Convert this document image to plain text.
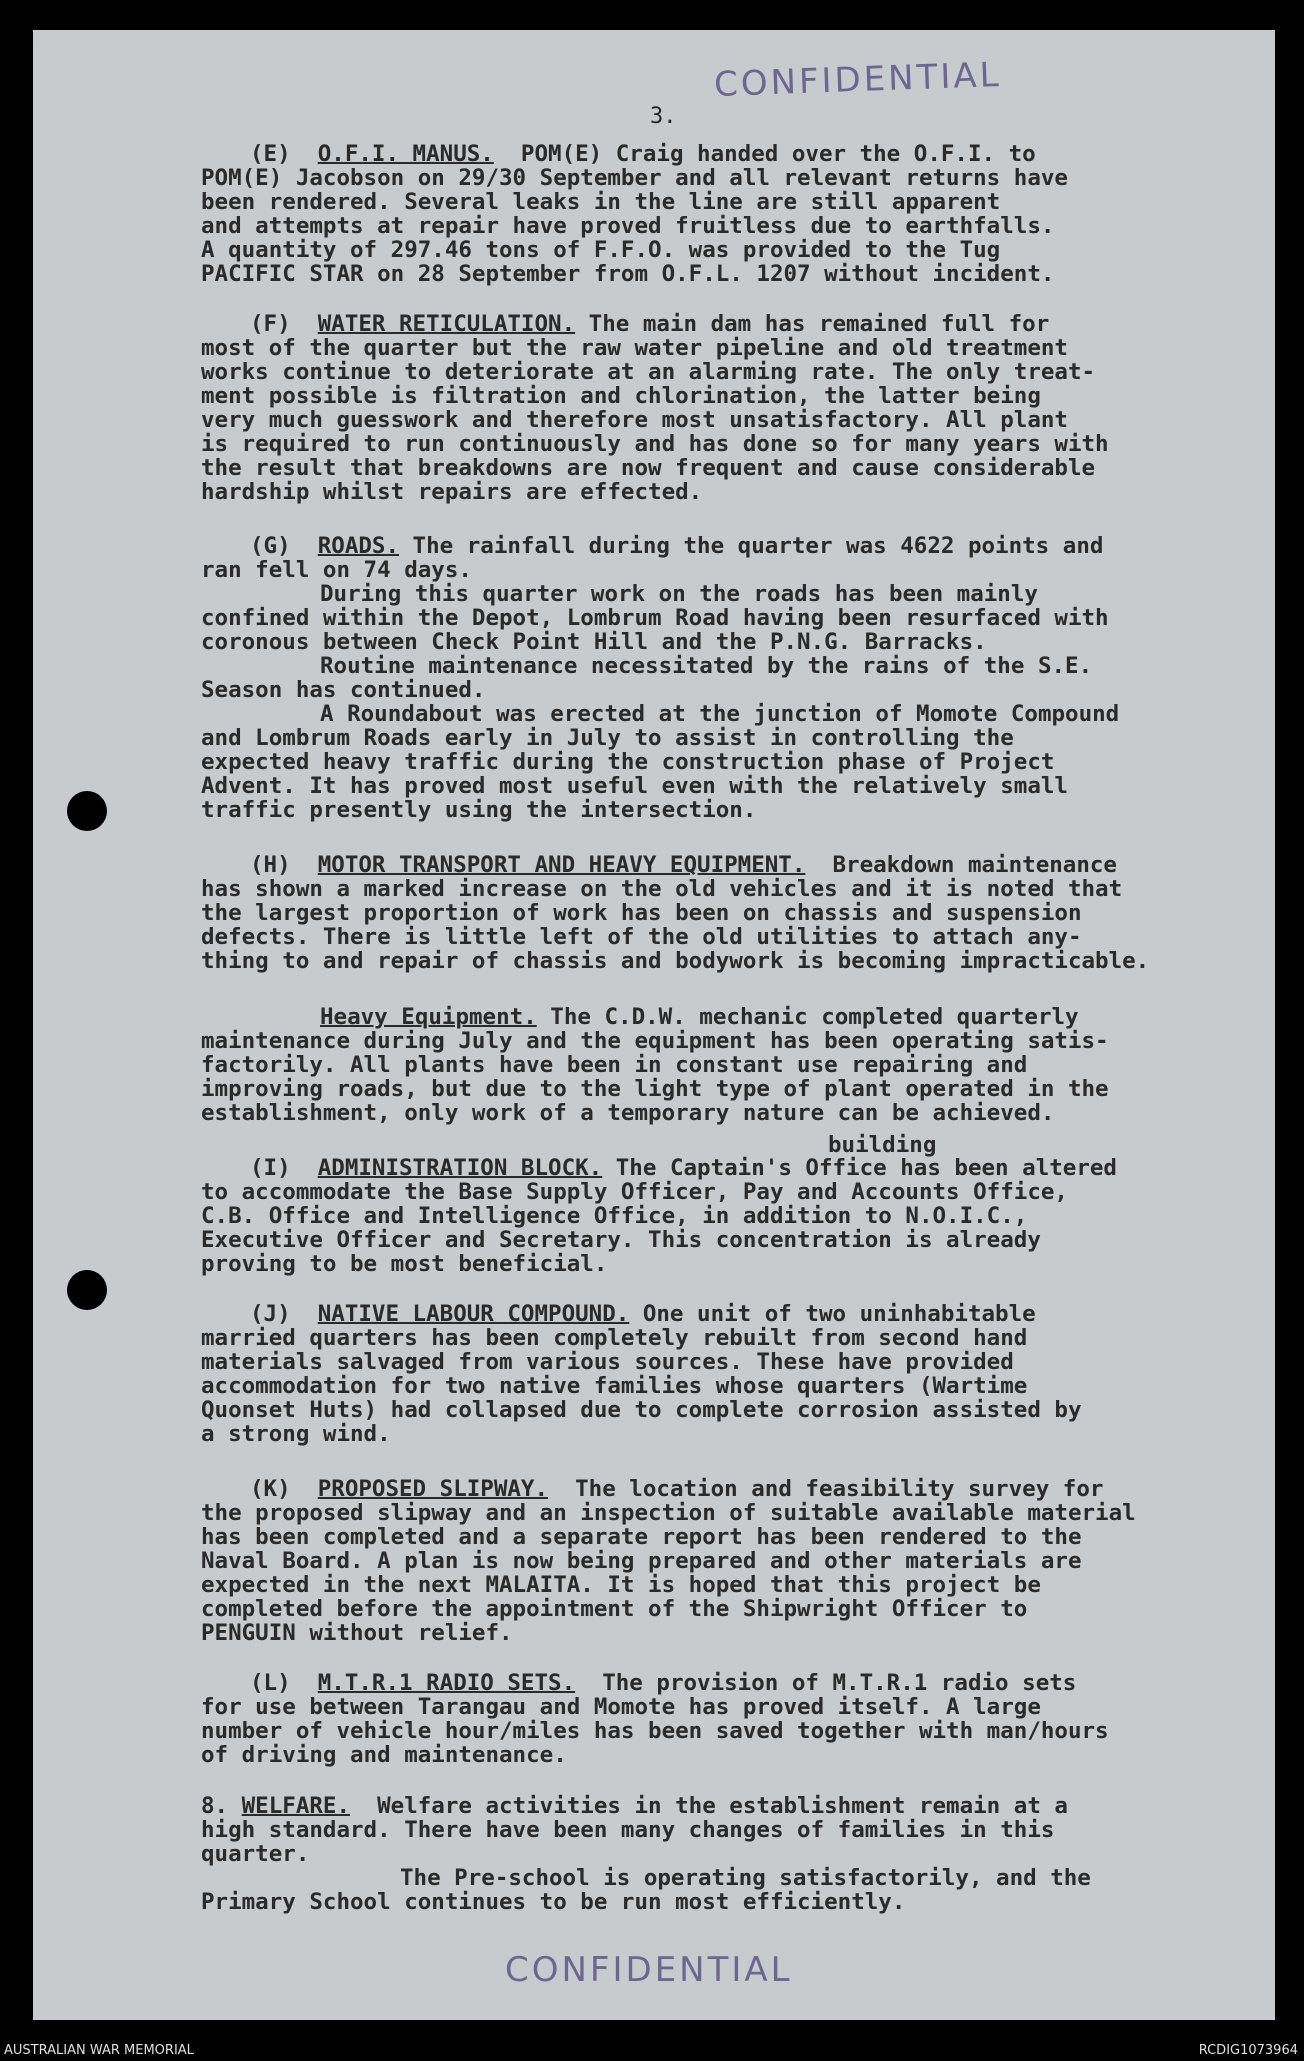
CONFIDENTIAL
3.
(E)  O.F.I. MANUS.  POM(E) Craig handed over the O.F.I. to
POM(E) Jacobson on 29/30 September and all relevant returns have
been rendered. Several leaks in the line are still apparent
and attempts at repair have proved fruitless due to earthfalls.
A quantity of 297.46 tons of F.F.O. was provided to the Tug
PACIFIC STAR on 28 September from O.F.L. 1207 without incident.
(F)  WATER RETICULATION. The main dam has remained full for
most of the quarter but the raw water pipeline and old treatment
works continue to deteriorate at an alarming rate. The only treat-
ment possible is filtration and chlorination, the latter being
very much guesswork and therefore most unsatisfactory. All plant
is required to run continuously and has done so for many years with
the result that breakdowns are now frequent and cause considerable
hardship whilst repairs are effected.
(G)  ROADS. The rainfall during the quarter was 4622 points and
ran fell on 74 days.
During this quarter work on the roads has been mainly
confined within the Depot, Lombrum Road having been resurfaced with
coronous between Check Point Hill and the P.N.G. Barracks.
Routine maintenance necessitated by the rains of the S.E.
Season has continued.
A Roundabout was erected at the junction of Momote Compound
and Lombrum Roads early in July to assist in controlling the
expected heavy traffic during the construction phase of Project
Advent. It has proved most useful even with the relatively small
traffic presently using the intersection.
(H)  MOTOR TRANSPORT AND HEAVY EQUIPMENT.  Breakdown maintenance
has shown a marked increase on the old vehicles and it is noted that
the largest proportion of work has been on chassis and suspension
defects. There is little left of the old utilities to attach any-
thing to and repair of chassis and bodywork is becoming impracticable.
Heavy Equipment. The C.D.W. mechanic completed quarterly
maintenance during July and the equipment has been operating satis-
factorily. All plants have been in constant use repairing and
improving roads, but due to the light type of plant operated in the
establishment, only work of a temporary nature can be achieved.
building
(I)  ADMINISTRATION BLOCK. The Captain's Office has been altered
to accommodate the Base Supply Officer, Pay and Accounts Office,
C.B. Office and Intelligence Office, in addition to N.O.I.C.,
Executive Officer and Secretary. This concentration is already
proving to be most beneficial.
(J)  NATIVE LABOUR COMPOUND. One unit of two uninhabitable
married quarters has been completely rebuilt from second hand
materials salvaged from various sources. These have provided
accommodation for two native families whose quarters (Wartime
Quonset Huts) had collapsed due to complete corrosion assisted by
a strong wind.
(K)  PROPOSED SLIPWAY.  The location and feasibility survey for
the proposed slipway and an inspection of suitable available material
has been completed and a separate report has been rendered to the
Naval Board. A plan is now being prepared and other materials are
expected in the next MALAITA. It is hoped that this project be
completed before the appointment of the Shipwright Officer to
PENGUIN without relief.
(L)  M.T.R.1 RADIO SETS.  The provision of M.T.R.1 radio sets
for use between Tarangau and Momote has proved itself. A large
number of vehicle hour/miles has been saved together with man/hours
of driving and maintenance.
8. WELFARE.  Welfare activities in the establishment remain at a
high standard. There have been many changes of families in this
quarter.
The Pre-school is operating satisfactorily, and the
Primary School continues to be run most efficiently.
CONFIDENTIAL
AUSTRALIAN WAR MEMORIAL	RCDIG1073964
